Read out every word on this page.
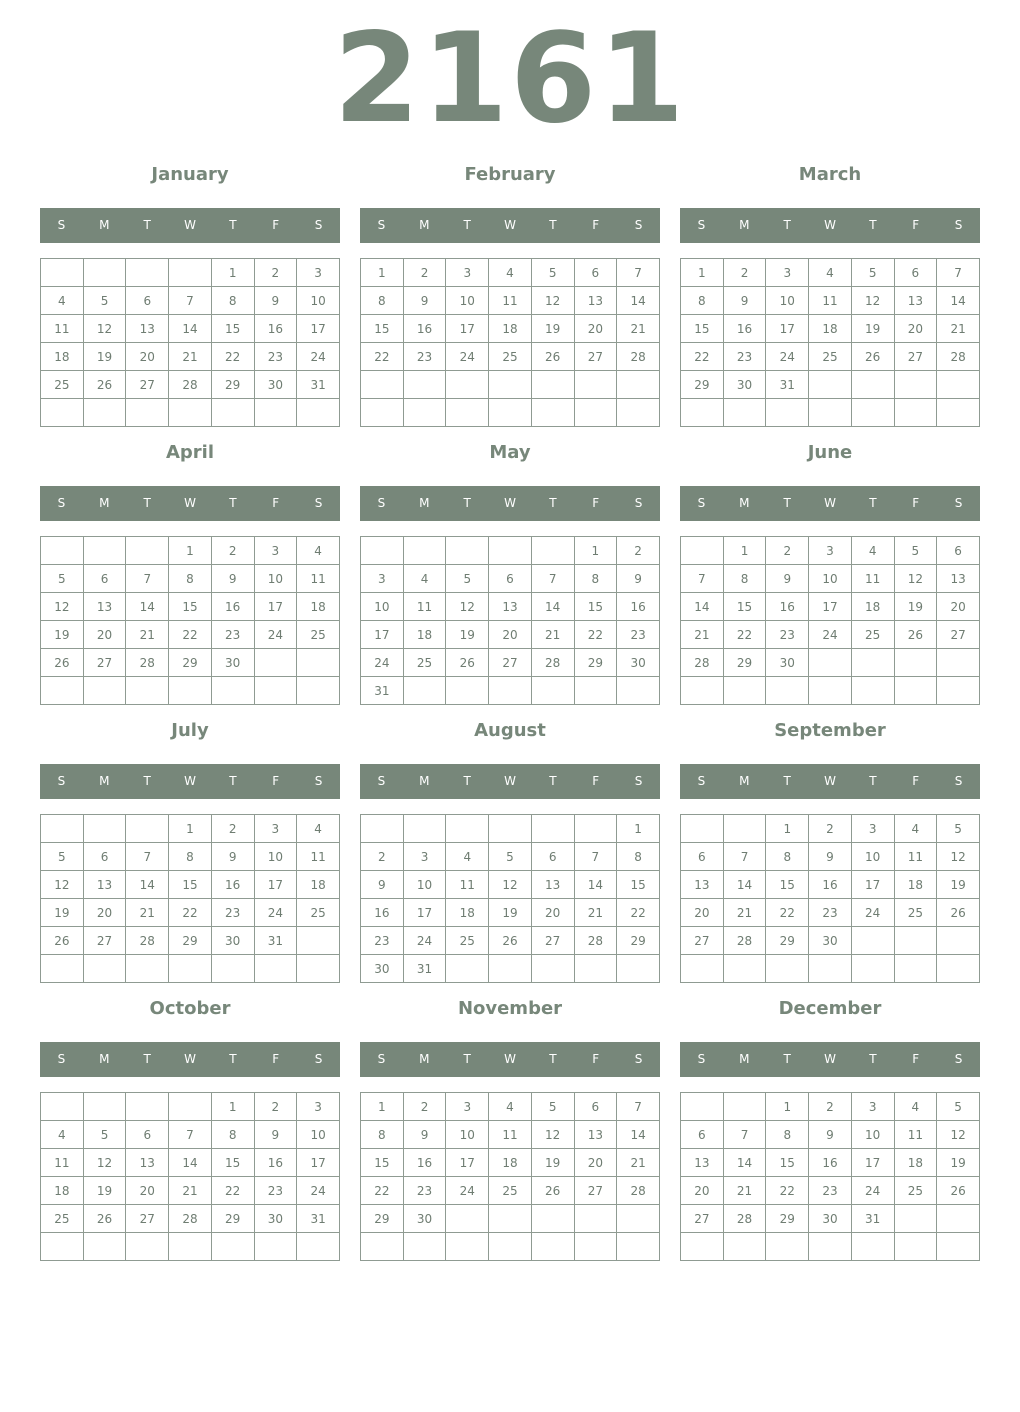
2161
January
S	M	T	W	T	F	S
				1	2	3
4	5	6	7	8	9	10
11	12	13	14	15	16	17
18	19	20	21	22	23	24
25	26	27	28	29	30	31

February
S	M	T	W	T	F	S
1	2	3	4	5	6	7
8	9	10	11	12	13	14
15	16	17	18	19	20	21
22	23	24	25	26	27	28

March
S	M	T	W	T	F	S
1	2	3	4	5	6	7
8	9	10	11	12	13	14
15	16	17	18	19	20	21
22	23	24	25	26	27	28
29	30	31				

April
S	M	T	W	T	F	S
			1	2	3	4
5	6	7	8	9	10	11
12	13	14	15	16	17	18
19	20	21	22	23	24	25
26	27	28	29	30		

May
S	M	T	W	T	F	S
					1	2
3	4	5	6	7	8	9
10	11	12	13	14	15	16
17	18	19	20	21	22	23
24	25	26	27	28	29	30
31						
June
S	M	T	W	T	F	S
	1	2	3	4	5	6
7	8	9	10	11	12	13
14	15	16	17	18	19	20
21	22	23	24	25	26	27
28	29	30				

July
S	M	T	W	T	F	S
			1	2	3	4
5	6	7	8	9	10	11
12	13	14	15	16	17	18
19	20	21	22	23	24	25
26	27	28	29	30	31	

August
S	M	T	W	T	F	S
						1
2	3	4	5	6	7	8
9	10	11	12	13	14	15
16	17	18	19	20	21	22
23	24	25	26	27	28	29
30	31					
September
S	M	T	W	T	F	S
		1	2	3	4	5
6	7	8	9	10	11	12
13	14	15	16	17	18	19
20	21	22	23	24	25	26
27	28	29	30			

October
S	M	T	W	T	F	S
				1	2	3
4	5	6	7	8	9	10
11	12	13	14	15	16	17
18	19	20	21	22	23	24
25	26	27	28	29	30	31

November
S	M	T	W	T	F	S
1	2	3	4	5	6	7
8	9	10	11	12	13	14
15	16	17	18	19	20	21
22	23	24	25	26	27	28
29	30					

December
S	M	T	W	T	F	S
		1	2	3	4	5
6	7	8	9	10	11	12
13	14	15	16	17	18	19
20	21	22	23	24	25	26
27	28	29	30	31		
